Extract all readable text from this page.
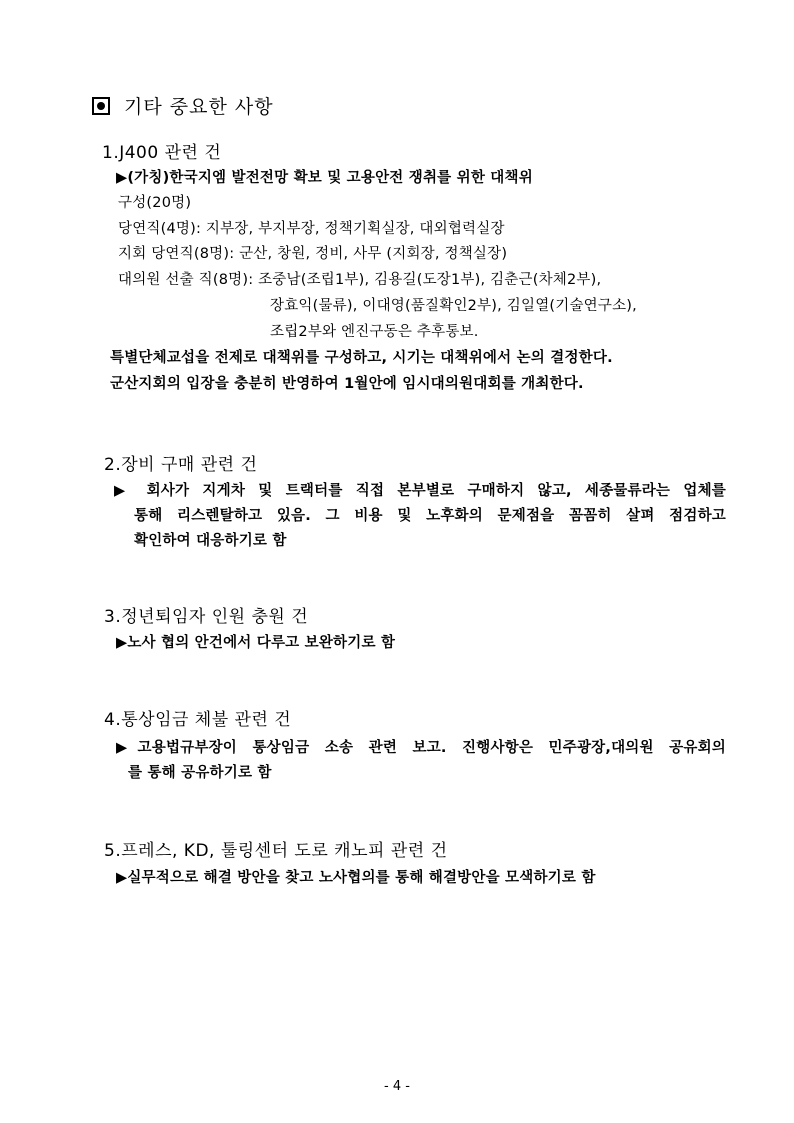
기타 중요한 사항
1.J400 관련 건
▶(가칭)한국지엠 발전전망 확보 및 고용안전 쟁취를 위한 대책위
구성(20명)
당연직(4명): 지부장, 부지부장, 정책기획실장, 대외협력실장
지회 당연직(8명): 군산, 창원, 정비, 사무 (지회장, 정책실장)
대의원 선출 직(8명): 조중남(조립1부), 김용길(도장1부), 김춘근(차체2부),
장효익(물류), 이대영(품질확인2부), 김일열(기술연구소),
조립2부와 엔진구동은 추후통보.
특별단체교섭을 전제로 대책위를 구성하고, 시기는 대책위에서 논의 결정한다.
군산지회의 입장을 충분히 반영하여 1월안에 임시대의원대회를 개최한다.
2.장비 구매 관련 건
▶ 회사가 지게차 및 트랙터를 직접 본부별로 구매하지 않고, 세종물류라는 업체를
통해 리스렌탈하고 있음. 그 비용 및 노후화의 문제점을 꼼꼼히 살펴 점검하고
확인하여 대응하기로 함
3.정년퇴임자 인원 충원 건
▶노사 협의 안건에서 다루고 보완하기로 함
4.통상임금 체불 관련 건
▶고용법규부장이 통상임금 소송 관련 보고. 진행사항은 민주광장,대의원 공유회의
를 통해 공유하기로 함
5.프레스, KD, 툴링센터 도로 캐노피 관련 건
▶실무적으로 해결 방안을 찾고 노사협의를 통해 해결방안을 모색하기로 함
- 4 -
